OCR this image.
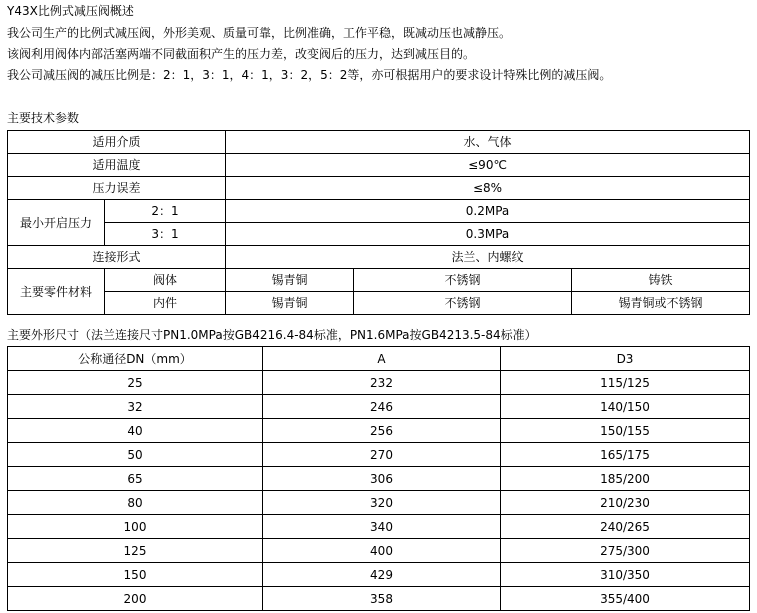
Y43X比例式减压阀概述
我公司生产的比例式减压阀，外形美观、质量可靠，比例准确，工作平稳，既减动压也减静压。
该阀利用阀体内部活塞两端不同截面积产生的压力差，改变阀后的压力，达到减压目的。
我公司减压阀的减压比例是：2：1，3：1，4：1，3：2，5：2等，亦可根据用户的要求设计特殊比例的减压阀。
主要技术参数
适用介质		水、气体		
适用温度		≤90℃		
压力误差		≤8%		
最小开启压力	2：1	0.2MPa		
	3：1	0.3MPa		
连接形式		法兰、内螺纹		
主要零件材料	阀体	锡青铜	不锈钢	铸铁
	内件	锡青铜	不锈钢	锡青铜或不锈钢
主要外形尺寸（法兰连接尺寸PN1.0MPa按GB4216.4-84标准，PN1.6MPa按GB4213.5-84标准）
公称通径DN（mm）	A	D3
25	232	115/125
32	246	140/150
40	256	150/155
50	270	165/175
65	306	185/200
80	320	210/230
100	340	240/265
125	400	275/300
150	429	310/350
200	358	355/400
